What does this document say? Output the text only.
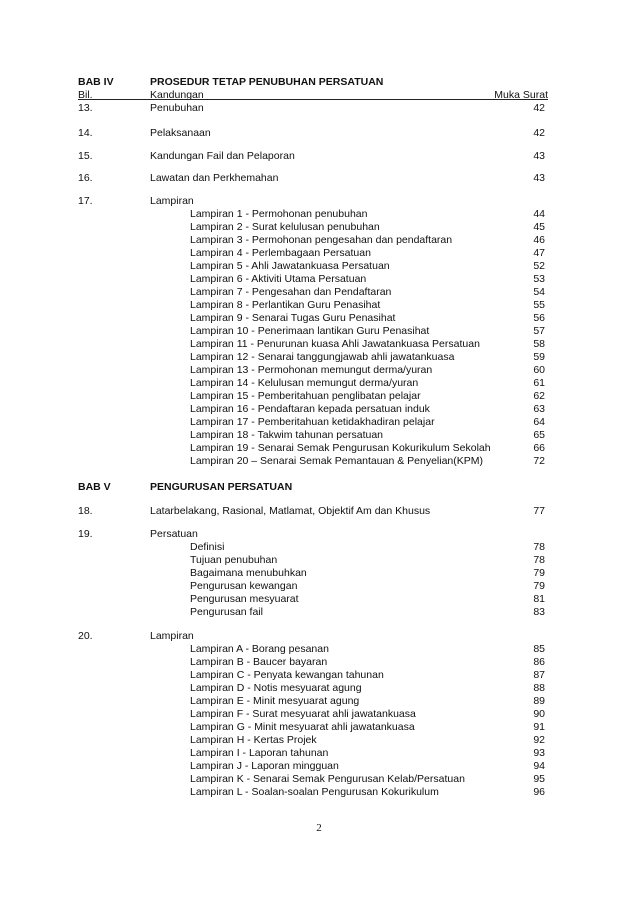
BAB IV	PROSEDUR TETAP PENUBUHAN PERSATUAN
Bil.	Kandungan	Muka Surat
13.	Penubuhan	42
14.	Pelaksanaan	42
15.	Kandungan Fail dan Pelaporan	43
16.	Lawatan dan Perkhemahan	43
17.	Lampiran
Lampiran 1 - Permohonan penubuhan	44
Lampiran 2 - Surat kelulusan penubuhan	45
Lampiran 3 - Permohonan pengesahan dan pendaftaran	46
Lampiran 4 - Perlembagaan Persatuan	47
Lampiran 5 - Ahli Jawatankuasa Persatuan	52
Lampiran 6 - Aktiviti Utama Persatuan	53
Lampiran 7 - Pengesahan dan Pendaftaran	54
Lampiran 8 - Perlantikan Guru Penasihat	55
Lampiran 9 - Senarai Tugas Guru Penasihat	56
Lampiran 10 - Penerimaan lantikan Guru Penasihat	57
Lampiran 11 - Penurunan kuasa Ahli Jawatankuasa Persatuan	58
Lampiran 12 - Senarai tanggungjawab ahli jawatankuasa	59
Lampiran 13 - Permohonan memungut derma/yuran	60
Lampiran 14 - Kelulusan memungut derma/yuran	61
Lampiran 15 - Pemberitahuan penglibatan pelajar	62
Lampiran 16 - Pendaftaran kepada persatuan induk	63
Lampiran 17 - Pemberitahuan ketidakhadiran pelajar	64
Lampiran 18 - Takwim tahunan persatuan	65
Lampiran 19 - Senarai Semak Pengurusan Kokurikulum Sekolah	66
Lampiran 20 – Senarai Semak Pemantauan & Penyelian(KPM)	72
BAB V	PENGURUSAN PERSATUAN
18.	Latarbelakang, Rasional, Matlamat, Objektif Am dan Khusus	77
19.	Persatuan
Definisi	78
Tujuan penubuhan	78
Bagaimana menubuhkan	79
Pengurusan kewangan	79
Pengurusan mesyuarat	81
Pengurusan fail	83
20.	Lampiran
Lampiran A - Borang pesanan	85
Lampiran B - Baucer bayaran	86
Lampiran C - Penyata kewangan tahunan	87
Lampiran D - Notis mesyuarat agung	88
Lampiran E - Minit mesyuarat agung	89
Lampiran F - Surat mesyuarat ahli jawatankuasa	90
Lampiran G - Minit mesyuarat ahli jawatankuasa	91
Lampiran H - Kertas Projek	92
Lampiran I - Laporan tahunan	93
Lampiran J - Laporan mingguan	94
Lampiran K - Senarai Semak Pengurusan Kelab/Persatuan	95
Lampiran L - Soalan-soalan Pengurusan Kokurikulum	96
2
